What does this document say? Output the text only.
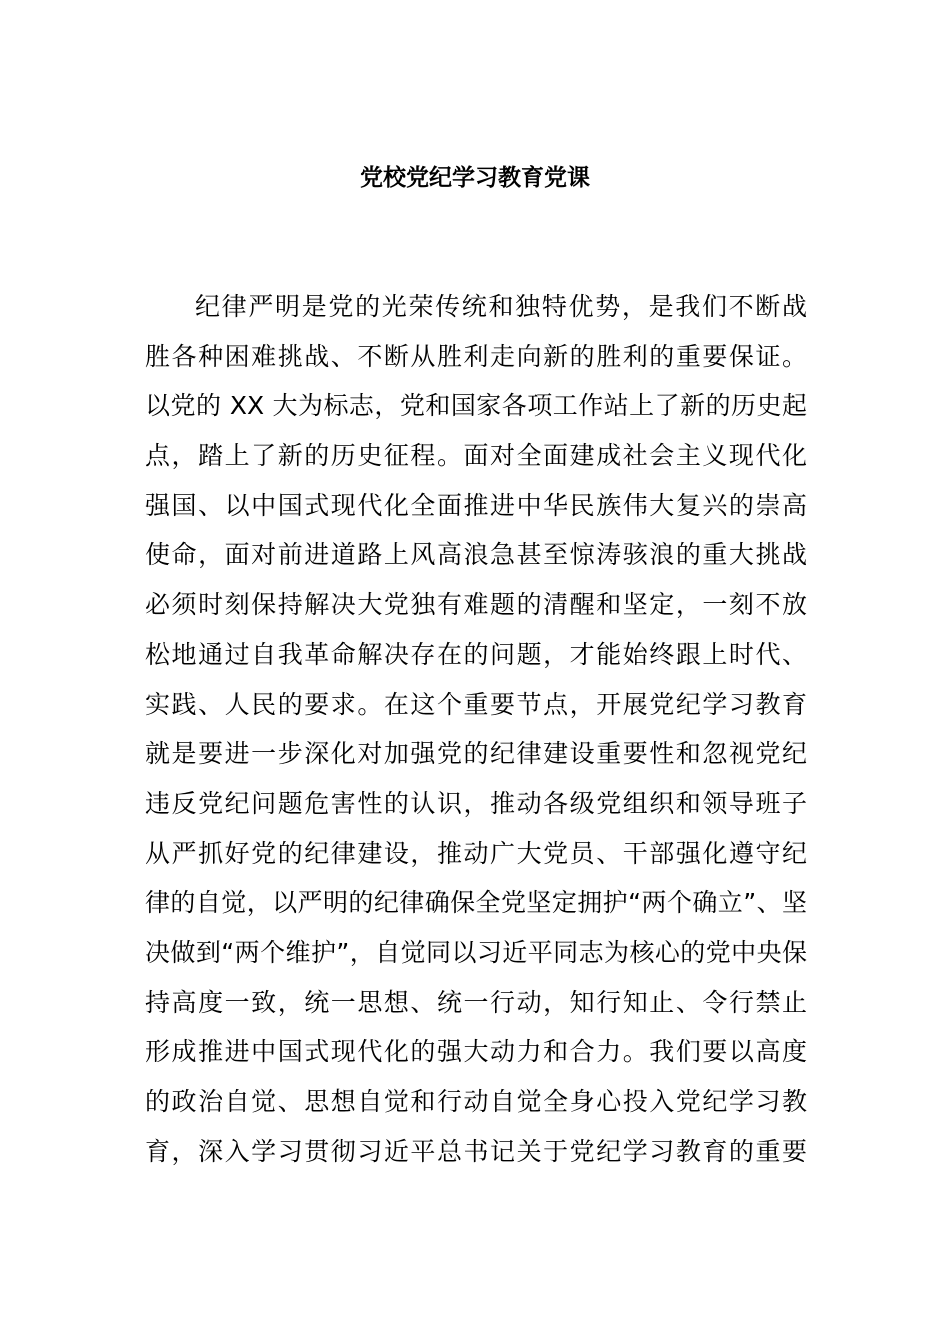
党校党纪学习教育党课
纪律严明是党的光荣传统和独特优势，是我们不断战
胜各种困难挑战、不断从胜利走向新的胜利的重要保证。
以党的 XX 大为标志，党和国家各项工作站上了新的历史起
点，踏上了新的历史征程。面对全面建成社会主义现代化
强国、以中国式现代化全面推进中华民族伟大复兴的崇高
使命，面对前进道路上风高浪急甚至惊涛骇浪的重大挑战
必须时刻保持解决大党独有难题的清醒和坚定，一刻不放
松地通过自我革命解决存在的问题，才能始终跟上时代、
实践、人民的要求。在这个重要节点，开展党纪学习教育
就是要进一步深化对加强党的纪律建设重要性和忽视党纪
违反党纪问题危害性的认识，推动各级党组织和领导班子
从严抓好党的纪律建设，推动广大党员、干部强化遵守纪
律的自觉，以严明的纪律确保全党坚定拥护“两个确立”、坚
决做到“两个维护”，自觉同以习近平同志为核心的党中央保
持高度一致，统一思想、统一行动，知行知止、令行禁止
形成推进中国式现代化的强大动力和合力。我们要以高度
的政治自觉、思想自觉和行动自觉全身心投入党纪学习教
育，深入学习贯彻习近平总书记关于党纪学习教育的重要
